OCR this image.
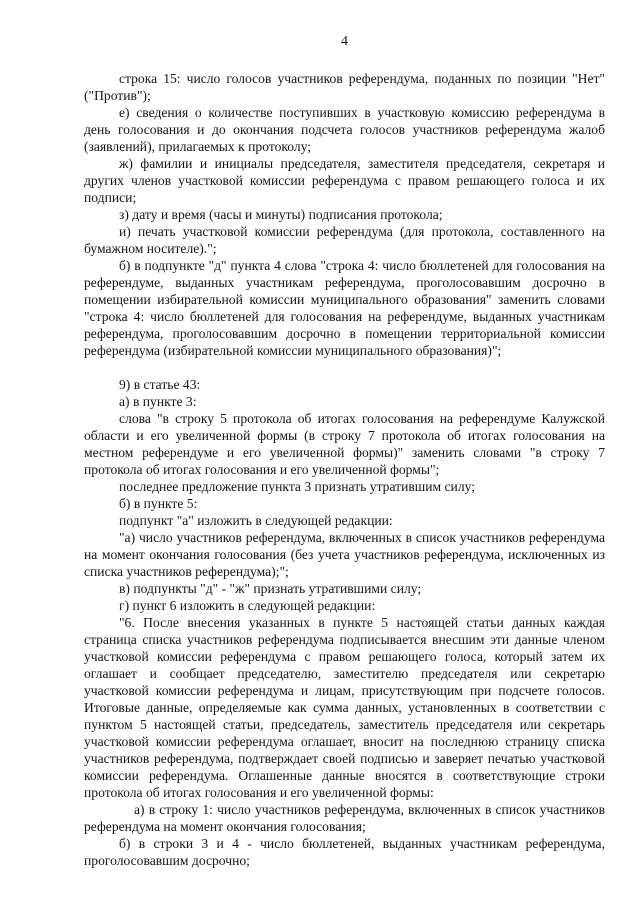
4

строка 15: число голосов участников референдума, поданных по позиции "Нет" ("Против");

е) сведения о количестве поступивших в участковую комиссию референдума в день голосования и до окончания подсчета голосов участников референдума жалоб (заявлений), прилагаемых к протоколу;

ж) фамилии и инициалы председателя, заместителя председателя, секретаря и других членов участковой комиссии референдума с правом решающего голоса и их подписи;

з) дату и время (часы и минуты) подписания протокола;

и) печать участковой комиссии референдума (для протокола, составленного на бумажном носителе).";

б) в подпункте "д" пункта 4 слова "строка 4: число бюллетеней для голосования на референдуме, выданных участникам референдума, проголосовавшим досрочно в помещении избирательной комиссии муниципального образования" заменить словами "строка 4: число бюллетеней для голосования на референдуме, выданных участникам референдума, проголосовавшим досрочно в помещении территориальной комиссии референдума (избирательной комиссии муниципального образования)";

9) в статье 43:

а) в пункте 3:

слова "в строку 5 протокола об итогах голосования на референдуме Калужской области и его увеличенной формы (в строку 7 протокола об итогах голосования на местном референдуме и его увеличенной формы)" заменить словами "в строку 7 протокола об итогах голосования и его увеличенной формы";

последнее предложение пункта 3 признать утратившим силу;

б) в пункте 5:

подпункт "а" изложить в следующей редакции:

"а) число участников референдума, включенных в список участников референдума на момент окончания голосования (без учета участников референдума, исключенных из списка участников референдума);";

в) подпункты "д" - "ж" признать утратившими силу;

г) пункт 6 изложить в следующей редакции:

"6. После внесения указанных в пункте 5 настоящей статьи данных каждая страница списка участников референдума подписывается внесшим эти данные членом участковой комиссии референдума с правом решающего голоса, который затем их оглашает и сообщает председателю, заместителю председателя или секретарю участковой комиссии референдума и лицам, присутствующим при подсчете голосов. Итоговые данные, определяемые как сумма данных, установленных в соответствии с пунктом 5 настоящей статьи, председатель, заместитель председателя или секретарь участковой комиссии референдума оглашает, вносит на последнюю страницу списка участников референдума, подтверждает своей подписью и заверяет печатью участковой комиссии референдума. Оглашенные данные вносятся в соответствующие строки протокола об итогах голосования и его увеличенной формы:

а) в строку 1: число участников референдума, включенных в список участников референдума на момент окончания голосования;

б) в строки 3 и 4 - число бюллетеней, выданных участникам референдума, проголосовавшим досрочно;
